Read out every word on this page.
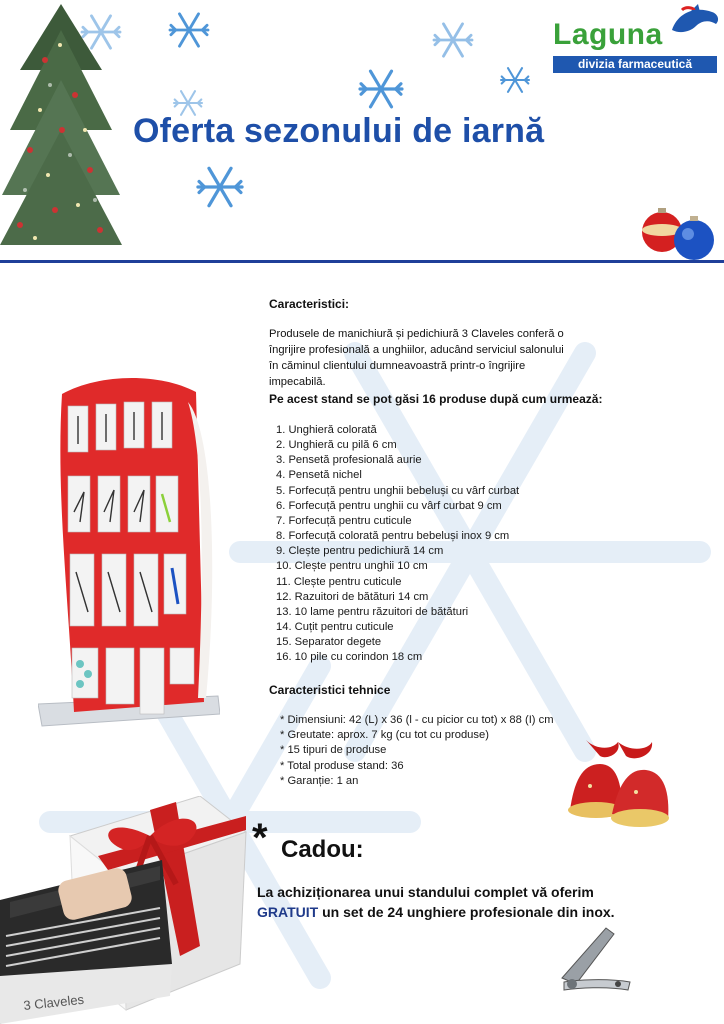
Oferta sezonului de iarnă
Laguna
divizia farmaceutică
Caracteristici:
Produsele de manichiură și pedichiură 3 Claveles conferă o îngrijire profesională a unghiilor, aducând serviciul salonului în căminul clientului dumneavoastră printr-o îngrijire impecabilă.
Pe acest stand se pot găsi 16 produse după cum urmează:
1. Unghieră colorată
2. Unghieră cu pilă 6 cm
3. Pensetă profesională aurie
4. Pensetă nichel
5. Forfecuță pentru unghii bebeluși cu vârf curbat
6. Forfecuță pentru unghii cu vârf curbat 9 cm
7. Forfecuță pentru cuticule
8. Forfecuță colorată pentru bebeluși inox 9 cm
9. Clește pentru pedichiură 14 cm
10. Clește pentru unghii 10 cm
11. Clește pentru cuticule
12. Razuitori de bătături 14 cm
13. 10 lame pentru răzuitori de bătături
14. Cuțit pentru cuticule
15. Separator degete
16. 10 pile cu corindon 18 cm
Caracteristici tehnice
* Dimensiuni: 42 (L) x 36 (l - cu picior cu tot) x 88 (I) cm
* Greutate: aprox. 7 kg (cu tot cu produse)
* 15 tipuri de produse
* Total produse stand: 36
* Garanție: 1 an
3 Claveles
* Cadou:
La achiziționarea unui standului complet vă oferim
GRATUIT un set de 24 unghiere profesionale din inox.
